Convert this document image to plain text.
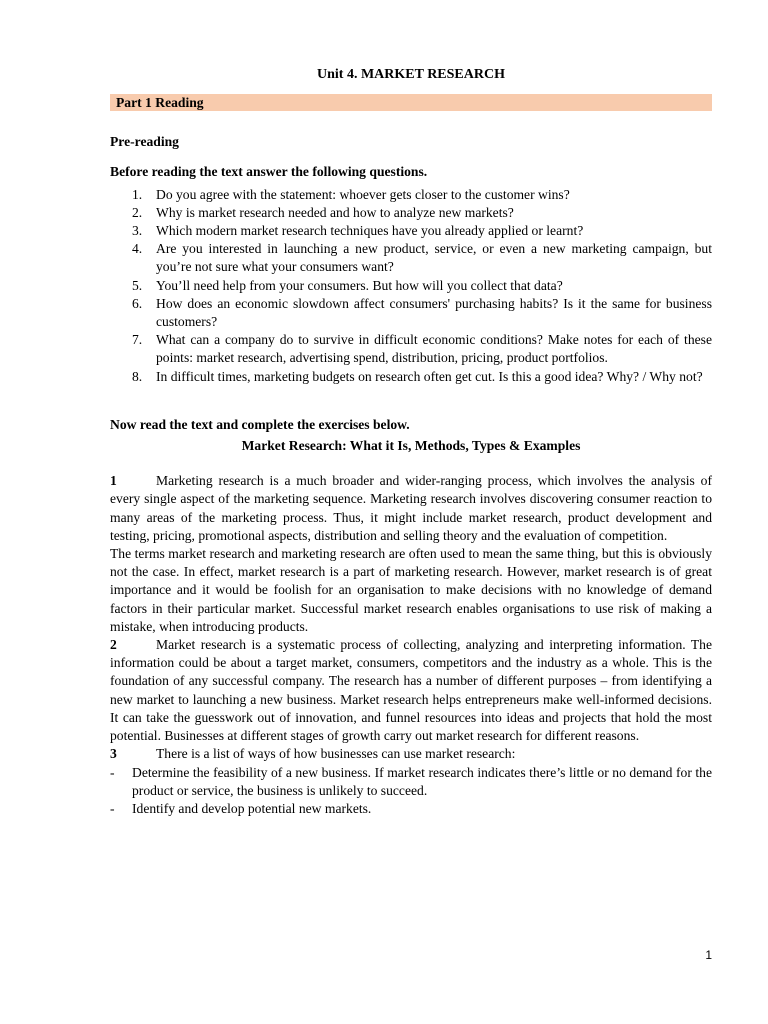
Unit 4. MARKET RESEARCH
Part 1 Reading
Pre-reading
Before reading the text answer the following questions.
1. Do you agree with the statement: whoever gets closer to the customer wins?
2. Why is market research needed and how to analyze new markets?
3. Which modern market research techniques have you already applied or learnt?
4. Are you interested in launching a new product, service, or even a new marketing campaign, but you’re not sure what your consumers want?
5. You’ll need help from your consumers. But how will you collect that data?
6. How does an economic slowdown affect consumers' purchasing habits? Is it the same for business customers?
7. What can a company do to survive in difficult economic conditions? Make notes for each of these points: market research, advertising spend, distribution, pricing, product portfolios.
8. In difficult times, marketing budgets on research often get cut. Is this a good idea? Why? / Why not?
Now read the text and complete the exercises below.
Market Research: What it Is, Methods, Types & Examples

1	Marketing research is a much broader and wider-ranging process, which involves the analysis of every single aspect of the marketing sequence. Marketing research involves discovering consumer reaction to many areas of the marketing process. Thus, it might include market research, product development and testing, pricing, promotional aspects, distribution and selling theory and the evaluation of competition.

The terms market research and marketing research are often used to mean the same thing, but this is obviously not the case. In effect, market research is a part of marketing research. However, market research is of great importance and it would be foolish for an organisation to make decisions with no knowledge of demand factors in their particular market. Successful market research enables organisations to use risk of making a mistake, when introducing products.

2	Market research is a systematic process of collecting, analyzing and interpreting information. The information could be about a target market, consumers, competitors and the industry as a whole. This is the foundation of any successful company. The research has a number of different purposes – from identifying a new market to launching a new business. Market research helps entrepreneurs make well-informed decisions. It can take the guesswork out of innovation, and funnel resources into ideas and projects that hold the most potential. Businesses at different stages of growth carry out market research for different reasons.

3	There is a list of ways of how businesses can use market research:

- Determine the feasibility of a new business. If market research indicates there’s little or no demand for the product or service, the business is unlikely to succeed.
- Identify and develop potential new markets.
1
